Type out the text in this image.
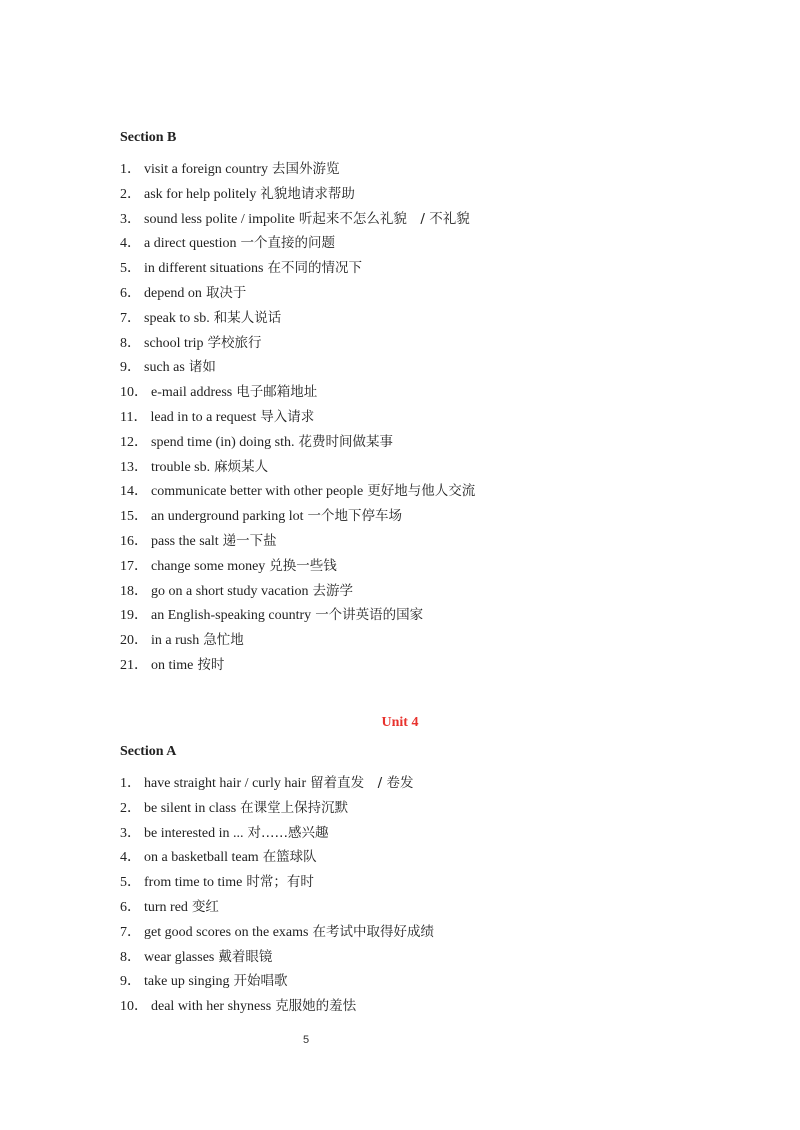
Section B
1． visit a foreign country 去国外游览
2． ask for help politely 礼貌地请求帮助
3． sound less polite / impolite 听起来不怎么礼貌　/ 不礼貌
4． a direct question 一个直接的问题
5． in different situations 在不同的情况下
6． depend on 取决于
7． speak to sb. 和某人说话
8． school trip 学校旅行
9． such as 诸如
10． e-mail address 电子邮箱地址
11． lead in to a request 导入请求
12． spend time (in) doing sth. 花费时间做某事
13． trouble sb. 麻烦某人
14． communicate better with other people 更好地与他人交流
15． an underground parking lot 一个地下停车场
16． pass the salt 递一下盐
17． change some money 兑换一些钱
18． go on a short study vacation 去游学
19． an English-speaking country 一个讲英语的国家
20． in a rush 急忙地
21． on time 按时
Unit 4
Section A
1． have straight hair / curly hair 留着直发　/ 卷发
2． be silent in class 在课堂上保持沉默
3． be interested in ... 对……感兴趣
4． on a basketball team 在篮球队
5． from time to time 时常；有时
6． turn red 变红
7． get good scores on the exams 在考试中取得好成绩
8． wear glasses 戴着眼镜
9． take up singing 开始唱歌
10． deal with her shyness 克服她的羞怯
5
